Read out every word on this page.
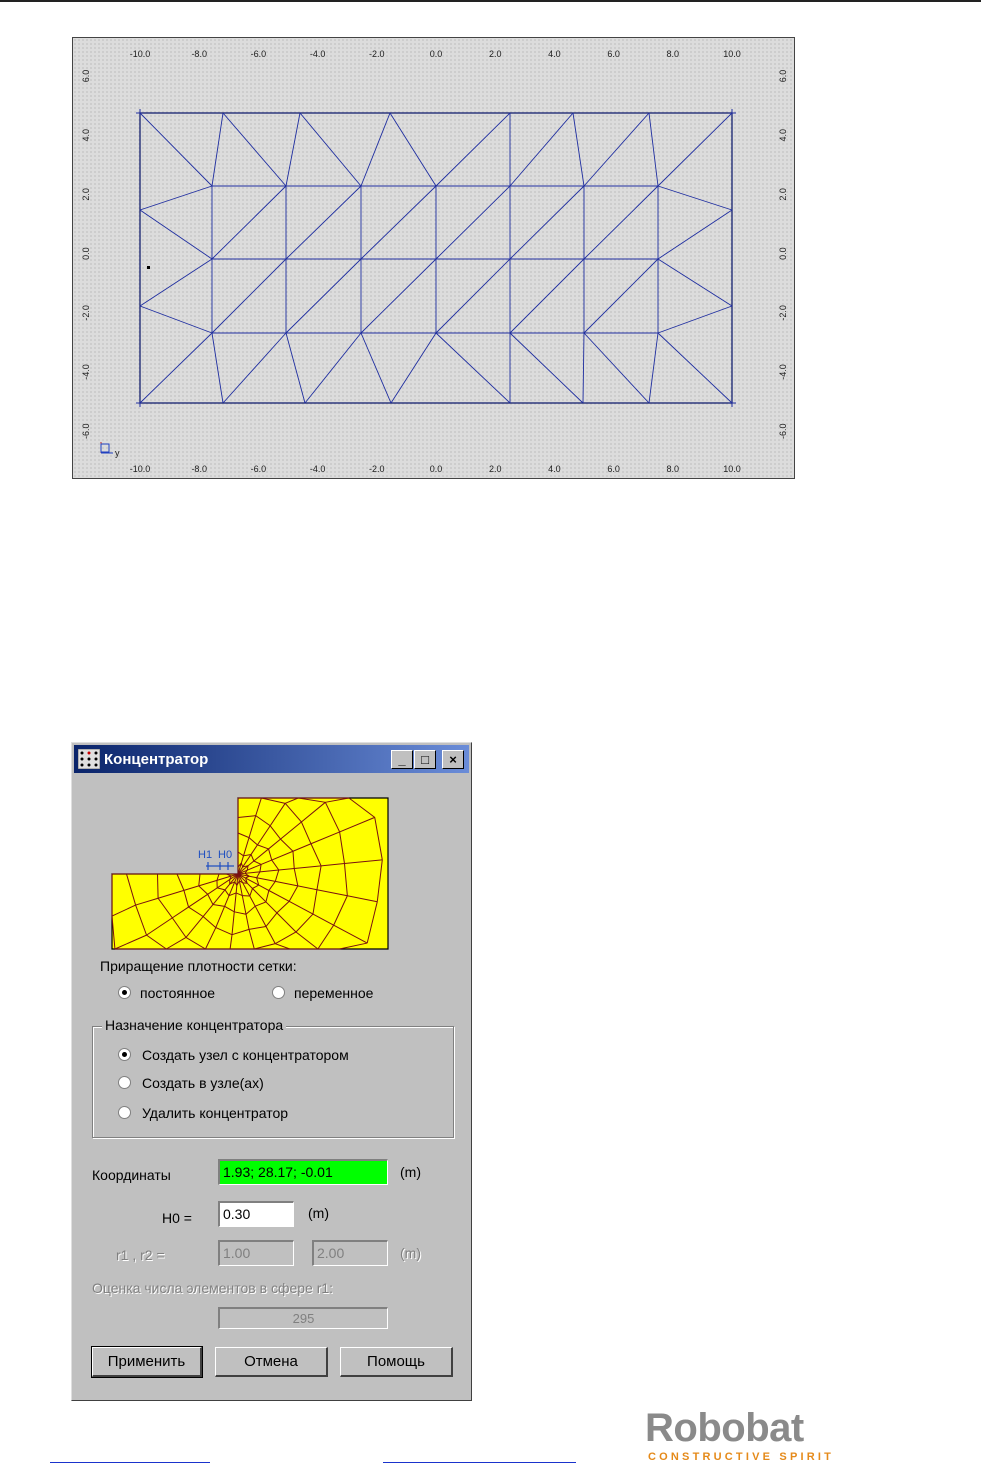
-10.0	-8.0	-6.0	-4.0	-2.0	0.0	2.0	4.0	6.0	8.0	10.0
-10.0	-8.0	-6.0	-4.0	-2.0	0.0	2.0	4.0	6.0	8.0	10.0
6.0
4.0
2.0
0.0
-2.0
-4.0
-6.0
6.0
4.0
2.0
0.0
-2.0
-4.0
-6.0
y
Концентратор	_	□	×
H1 H0
Приращение плотности сетки:
постоянное	переменное
Назначение концентратора
Создать узел с концентратором
Создать в узле(ах)
Удалить концентратор
Координаты	1.93; 28.17; -0.01	(m)
H0 =	0.30	(m)
r1 , r2 =	1.00	2.00	(m)
Оценка числа элементов в сфере r1:
295
Применить	Отмена	Помощь
Robobat
CONSTRUCTIVE SPIRIT
